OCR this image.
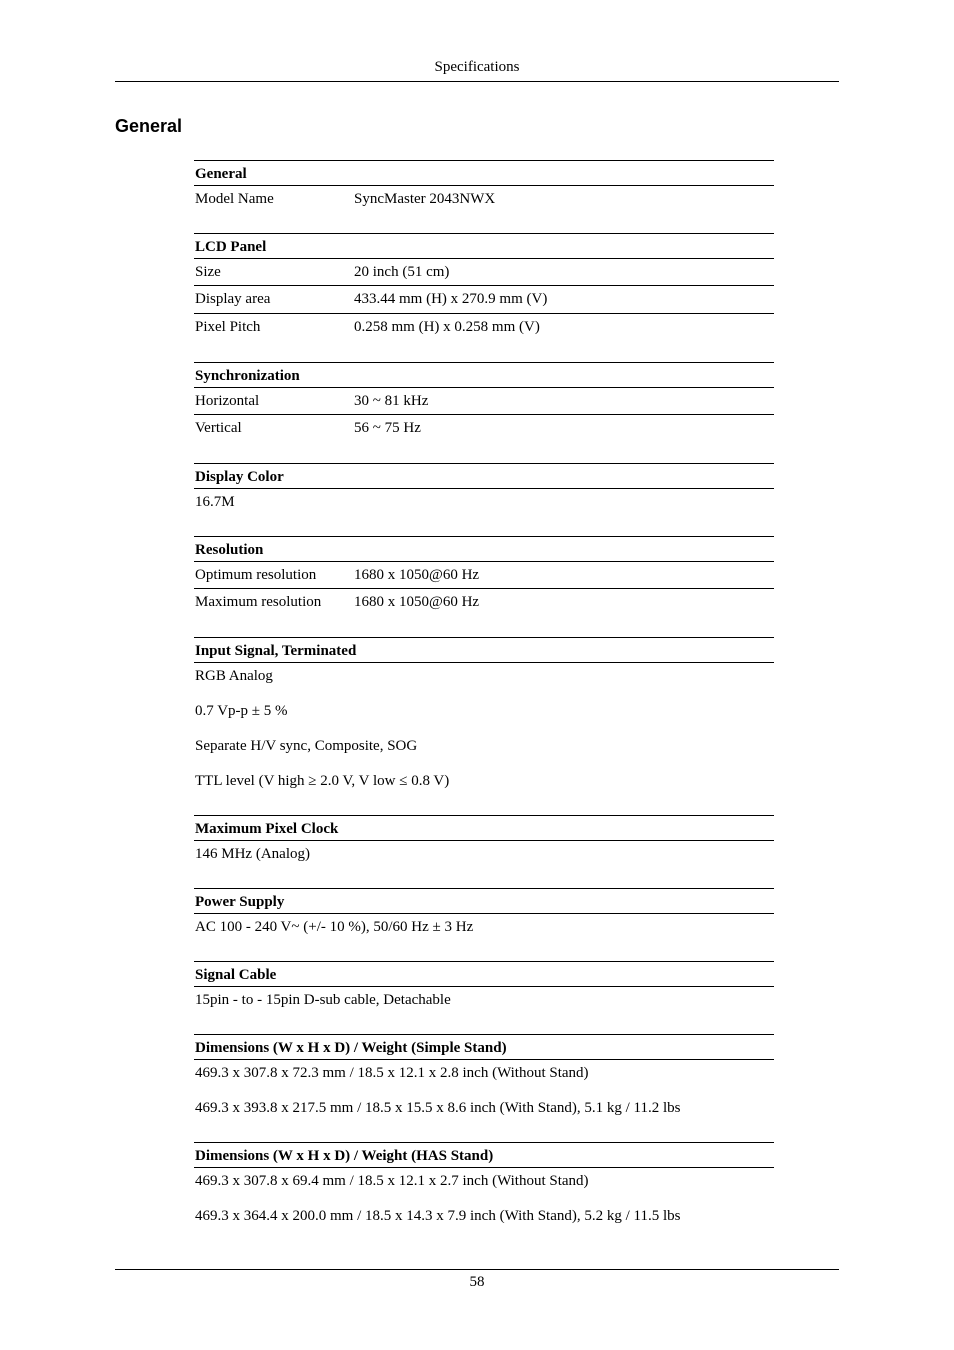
Specifications
General
General
Model Name	SyncMaster 2043NWX
LCD Panel
Size	20 inch (51 cm)
Display area	433.44 mm (H) x 270.9 mm (V)
Pixel Pitch	0.258 mm (H) x 0.258 mm (V)
Synchronization
Horizontal	30 ~ 81 kHz
Vertical	56 ~ 75 Hz
Display Color
16.7M
Resolution
Optimum resolution	1680 x 1050@60 Hz
Maximum resolution	1680 x 1050@60 Hz
Input Signal, Terminated
RGB Analog
0.7 Vp-p ± 5 %
Separate H/V sync, Composite, SOG
TTL level (V high ≥ 2.0 V, V low ≤ 0.8 V)
Maximum Pixel Clock
146 MHz (Analog)
Power Supply
AC 100 - 240 V~ (+/- 10 %), 50/60 Hz ± 3 Hz
Signal Cable
15pin - to - 15pin D-sub cable, Detachable
Dimensions (W x H x D) / Weight (Simple Stand)
469.3 x 307.8 x 72.3 mm / 18.5 x 12.1 x 2.8 inch (Without Stand)
469.3 x 393.8 x 217.5 mm / 18.5 x 15.5 x 8.6 inch (With Stand), 5.1 kg / 11.2 lbs
Dimensions (W x H x D) / Weight (HAS Stand)
469.3 x 307.8 x 69.4 mm / 18.5 x 12.1 x 2.7 inch (Without Stand)
469.3 x 364.4 x 200.0 mm / 18.5 x 14.3 x 7.9 inch (With Stand), 5.2 kg / 11.5 lbs
58
